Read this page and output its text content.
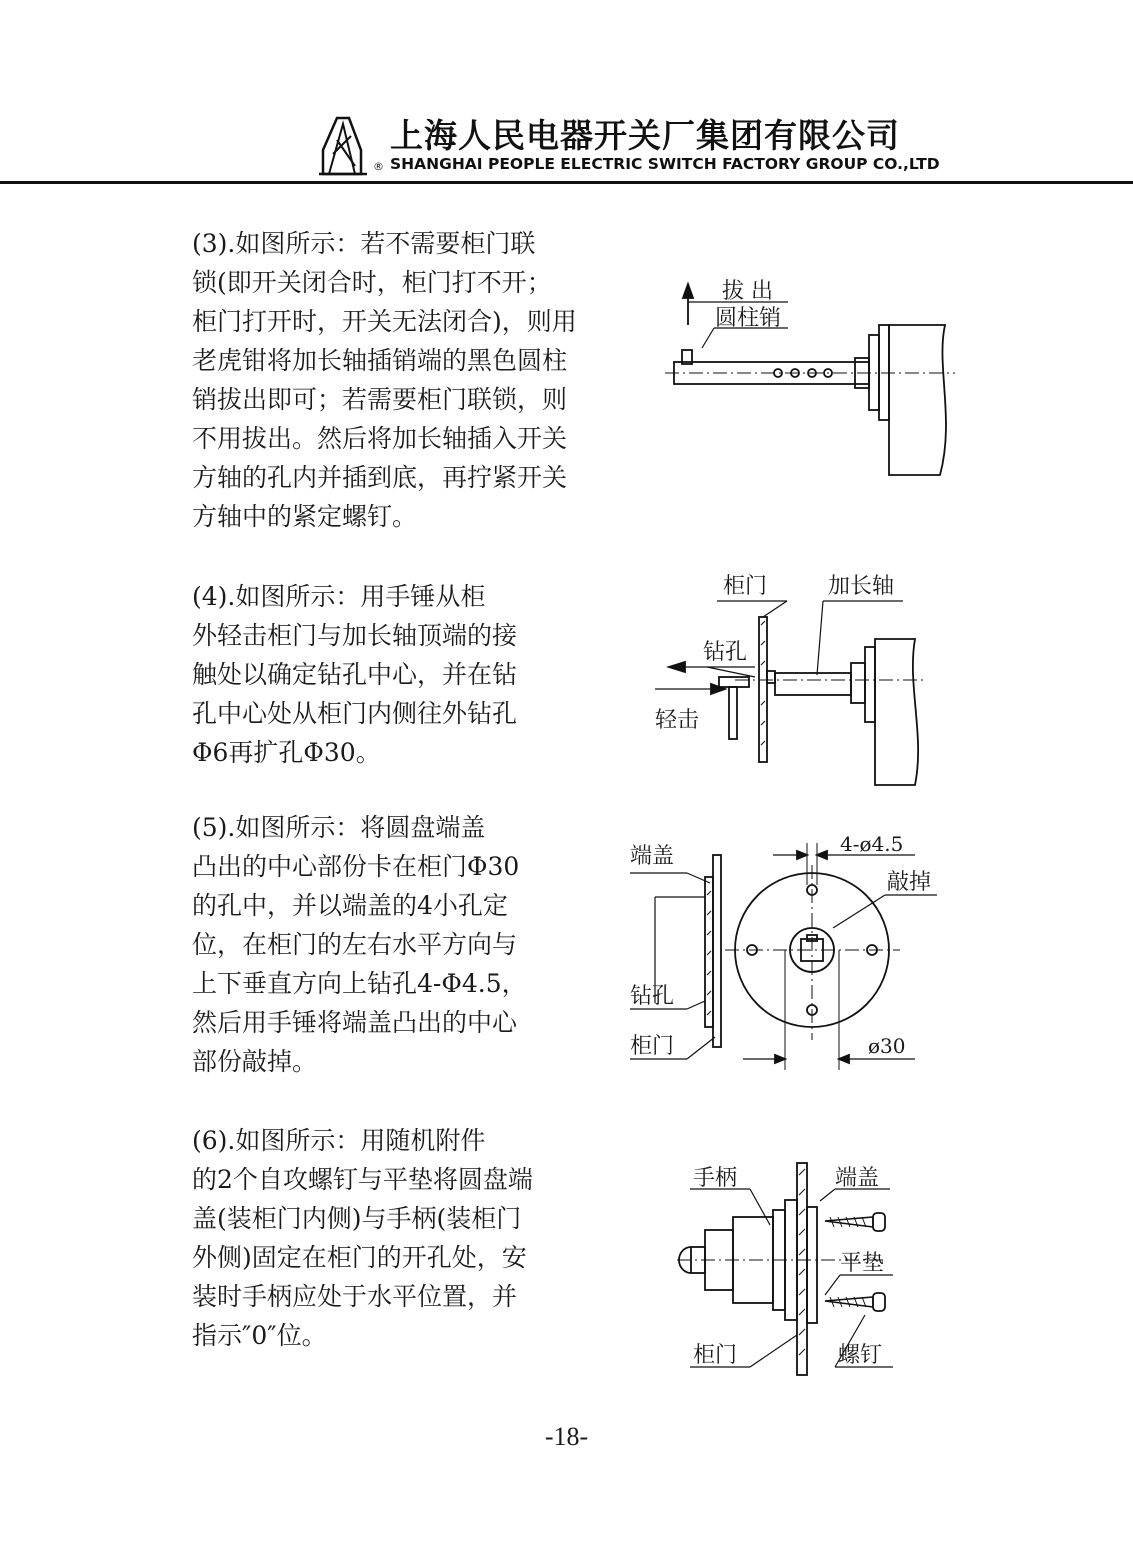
®
上海人民电器开关厂集团有限公司
SHANGHAI PEOPLE ELECTRIC SWITCH FACTORY GROUP CO.,LTD
(3).如图所示：若不需要柜门联
锁(即开关闭合时，柜门打不开；
柜门打开时，开关无法闭合)，则用
老虎钳将加长轴插销端的黑色圆柱
销拔出即可；若需要柜门联锁，则
不用拔出。然后将加长轴插入开关
方轴的孔内并插到底，再拧紧开关
方轴中的紧定螺钉。
(4).如图所示：用手锤从柜
外轻击柜门与加长轴顶端的接
触处以确定钻孔中心，并在钻
孔中心处从柜门内侧往外钻孔
Φ6再扩孔Φ30。
(5).如图所示：将圆盘端盖
凸出的中心部份卡在柜门Φ30
的孔中，并以端盖的4小孔定
位，在柜门的左右水平方向与
上下垂直方向上钻孔4-Φ4.5，
然后用手锤将端盖凸出的中心
部份敲掉。
(6).如图所示：用随机附件
的2个自攻螺钉与平垫将圆盘端
盖(装柜门内侧)与手柄(装柜门
外侧)固定在柜门的开孔处，安
装时手柄应处于水平位置，并
指示″0″位。
拔 出
圆柱销
柜门	加长轴
钻孔
轻击
端盖	4-ø4.5
敲掉
钻孔
柜门	ø30
手柄	端盖
平垫
柜门	螺钉
-18-
